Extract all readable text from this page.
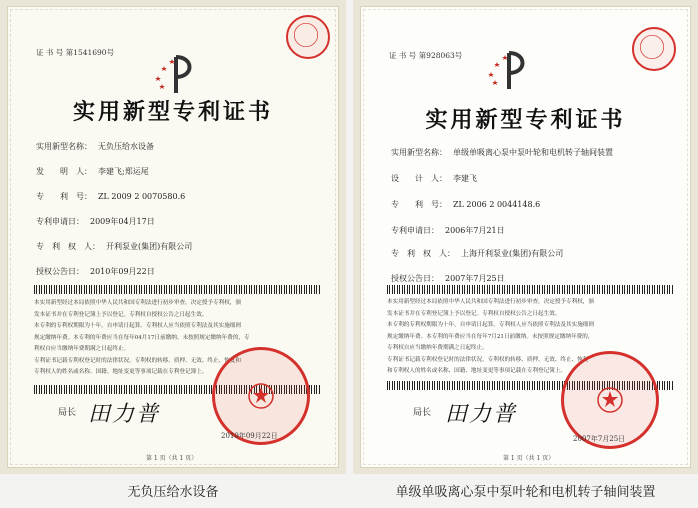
证 书 号 第1541690号
实用新型专利证书
实用新型名称： 无负压给水设备
发　　明　人： 李建飞;郑运尾
专　　利　号： ZL 2009 2 0070580.6
专利申请日： 2009年04月17日
专　利　权　人： 开利泵业(集团)有限公司
授权公告日： 2010年09月22日
本实用新型经过本局依照中华人民共和国专利法进行初步审查，决定授予专利权，颁
发本证书并在专利登记簿上予以登记。专利权自授权公告之日起生效。
本专利的专利权期限为十年，自申请日起算。专利权人应当依照专利法及其实施细则
规定缴纳年费。本专利的年费应当在每年04月17日前缴纳。未按照规定缴纳年费的，专
利权自应当缴纳年费期满之日起终止。
专利证书记载专利权登记时的法律状况。专利权的转移、质押、无效、终止、恢复和
专利权人的姓名或名称、国籍、地址变更等事项记载在专利登记簿上。
局长 田力普
2010年09月22日
第 1 页（共 1 页）
证 书 号 第928063号
实用新型专利证书
实用新型名称： 单级单吸离心泵中泵叶轮和电机转子轴间装置
设　　计　人： 李建飞
专　　利　号： ZL 2006 2 0044148.6
专利申请日： 2006年7月21日
专　利　权　人： 上海开利泵业(集团)有限公司
授权公告日： 2007年7月25日
本实用新型经过本局依照中华人民共和国专利法进行初步审查，决定授予专利权，颁
发本证书并在专利登记簿上予以登记。专利权自授权公告之日起生效。
本专利的专利权期限为十年，自申请日起算。专利权人应当依照专利法及其实施细则
规定缴纳年费。本专利的年费应当在每年7月21日前缴纳。未按照规定缴纳年费的，
专利权自应当缴纳年费期满之日起终止。
专利证书记载专利权登记时的法律状况。专利权的转移、质押、无效、终止、恢复
和专利权人的姓名或名称、国籍、地址变更等事项记载在专利登记簿上。
局长 田力普
2007年7月25日
第 1 页（共 1 页）
无负压给水设备	单级单吸离心泵中泵叶轮和电机转子轴间装置
